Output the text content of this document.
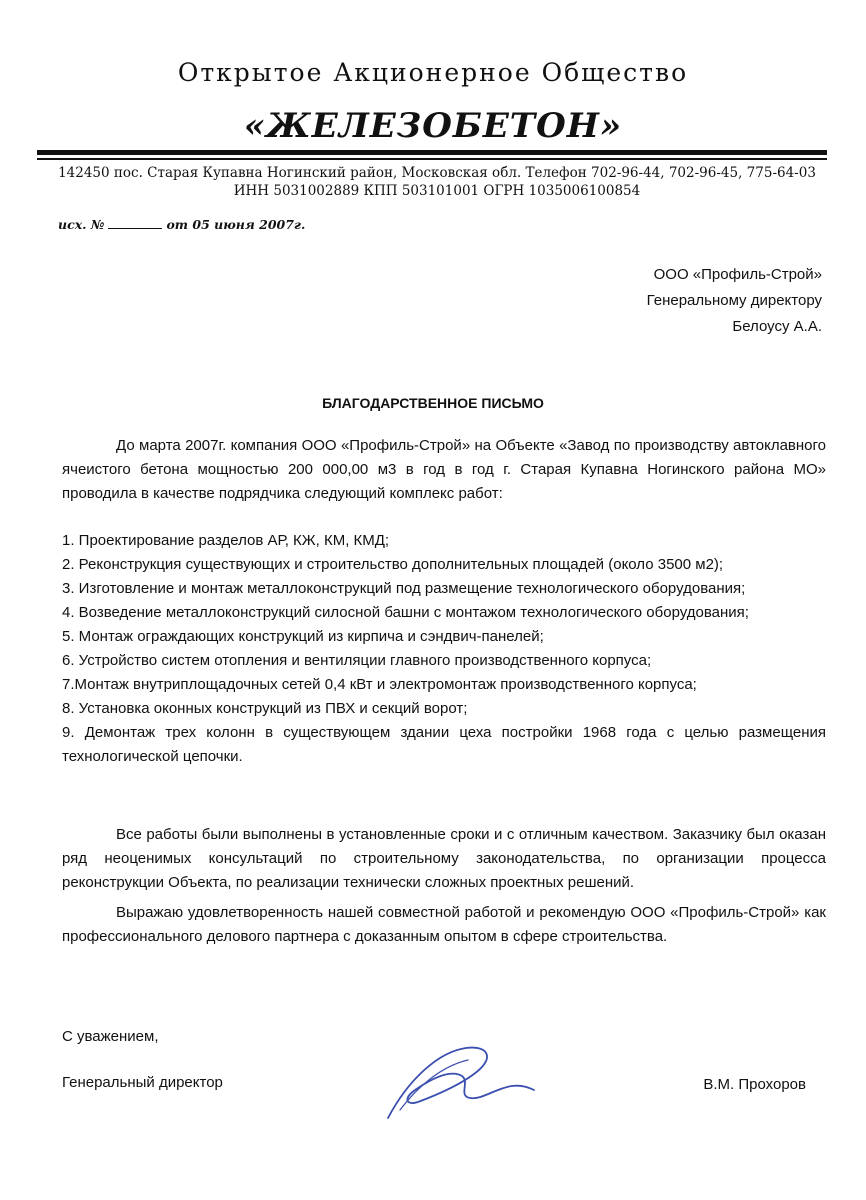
Открытое Акционерное Общество
«ЖЕЛЕЗОБЕТОН»
142450 пос. Старая Купавна Ногинский район, Московская обл. Телефон 702-96-44, 702-96-45, 775-64-03
ИНН 5031002889 КПП 503101001 ОГРН 1035006100854
исх. №	от 05 июня 2007г.
ООО «Профиль-Строй»
Генеральному директору
Белоусу А.А.
БЛАГОДАРСТВЕННОЕ ПИСЬМО

До марта 2007г. компания ООО «Профиль-Строй» на Объекте «Завод по производству автоклавного ячеистого бетона мощностью 200 000,00 м3 в год в год г. Старая Купавна Ногинского района МО» проводила в качестве подрядчика следующий комплекс работ:

1. Проектирование разделов АР, КЖ, КМ, КМД;

2. Реконструкция существующих и строительство дополнительных площадей (около 3500 м2);

3. Изготовление и монтаж металлоконструкций под размещение технологического оборудования;

4. Возведение металлоконструкций силосной башни с монтажом технологического оборудования;

5. Монтаж ограждающих конструкций из кирпича и сэндвич-панелей;

6. Устройство систем отопления и вентиляции главного производственного корпуса;

7.Монтаж внутриплощадочных сетей 0,4 кВт и электромонтаж производственного корпуса;

8. Установка оконных конструкций из ПВХ и секций ворот;

9. Демонтаж трех колонн в существующем здании цеха постройки 1968 года с целью размещения технологической цепочки.

Все работы были выполнены в установленные сроки и с отличным качеством. Заказчику был оказан ряд неоценимых консультаций по строительному законодательства, по организации процесса реконструкции Объекта, по реализации технически сложных проектных решений.

Выражаю удовлетворенность нашей совместной работой и рекомендую ООО «Профиль-Строй» как профессионального делового партнера с доказанным опытом в сфере строительства.

С уважением,
Генеральный директор	В.М. Прохоров
